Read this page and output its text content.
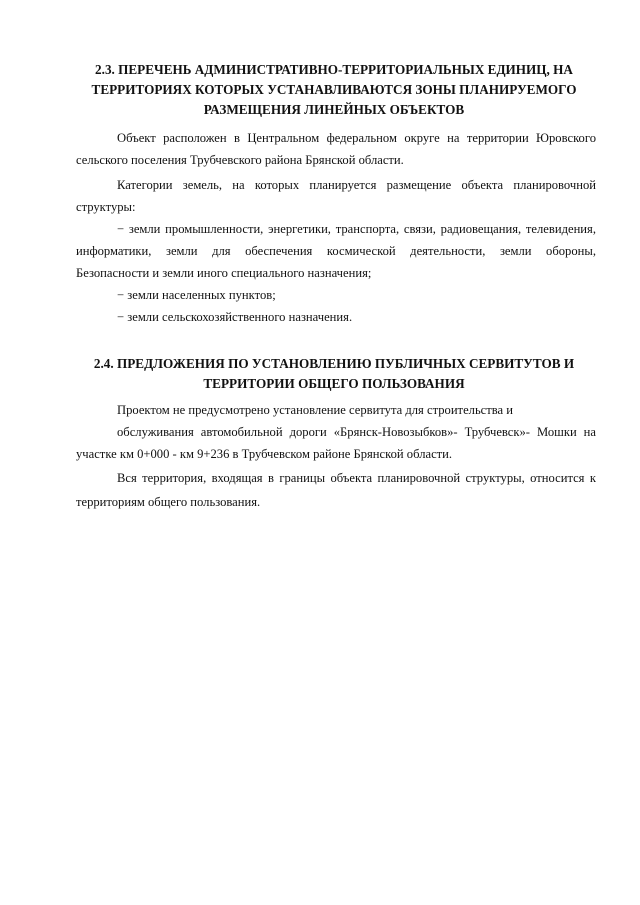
2.3. ПЕРЕЧЕНЬ АДМИНИСТРАТИВНО-ТЕРРИТОРИАЛЬНЫХ ЕДИНИЦ, НА
ТЕРРИТОРИЯХ КОТОРЫХ УСТАНАВЛИВАЮТСЯ ЗОНЫ ПЛАНИРУЕМОГО
РАЗМЕЩЕНИЯ ЛИНЕЙНЫХ ОБЪЕКТОВ
Объект расположен в Центральном федеральном округе на территории Юровского
сельского поселения Трубчевского района Брянской области.
Категории земель, на которых планируется размещение объекта планировочной
структуры:
− земли промышленности, энергетики, транспорта, связи, радиовещания, телевидения,
информатики, земли для обеспечения космической деятельности, земли обороны,
Безопасности и земли иного специального назначения;
− земли населенных пунктов;
− земли сельскохозяйственного назначения.
2.4. ПРЕДЛОЖЕНИЯ ПО УСТАНОВЛЕНИЮ ПУБЛИЧНЫХ СЕРВИТУТОВ И
ТЕРРИТОРИИ ОБЩЕГО ПОЛЬЗОВАНИЯ
Проектом не предусмотрено установление сервитута для строительства и
обслуживания автомобильной дороги «Брянск-Новозыбков»- Трубчевск»- Мошки на
участке км 0+000 - км 9+236 в Трубчевском районе Брянской области.
Вся территория, входящая в границы объекта планировочной структуры, относится к
территориям общего пользования.
